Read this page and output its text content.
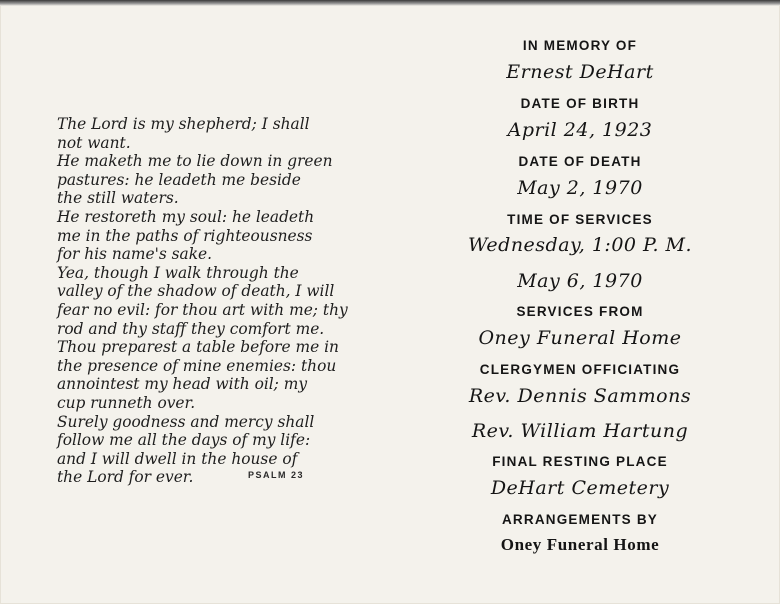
The Lord is my shepherd; I shall
not want.
He maketh me to lie down in green
pastures: he leadeth me beside
the still waters.
He restoreth my soul: he leadeth
me in the paths of righteousness
for his name's sake.
Yea, though I walk through the
valley of the shadow of death, I will
fear no evil: for thou art with me; thy
rod and thy staff they comfort me.
Thou preparest a table before me in
the presence of mine enemies: thou
annointest my head with oil; my
cup runneth over.
Surely goodness and mercy shall
follow me all the days of my life:
and I will dwell in the house of
the Lord for ever.	PSALM 23
IN MEMORY OF
Ernest DeHart
DATE OF BIRTH
April 24, 1923
DATE OF DEATH
May 2, 1970
TIME OF SERVICES
Wednesday, 1:00 P. M.
May 6, 1970
SERVICES FROM
Oney Funeral Home
CLERGYMEN OFFICIATING
Rev. Dennis Sammons
Rev. William Hartung
FINAL RESTING PLACE
DeHart Cemetery
ARRANGEMENTS BY
Oney Funeral Home
